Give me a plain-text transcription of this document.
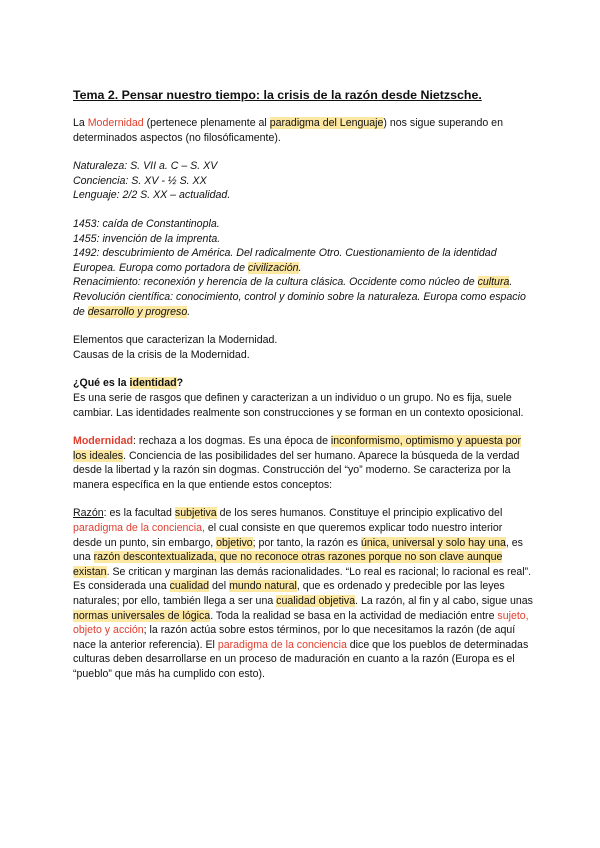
Tema 2. Pensar nuestro tiempo: la crisis de la razón desde Nietzsche.

La Modernidad (pertenece plenamente al paradigma del Lenguaje) nos sigue superando en determinados aspectos (no filosóficamente).

Naturaleza: S. VII a. C – S. XV

Conciencia: S. XV - ½ S. XX

Lenguaje: 2/2 S. XX – actualidad.

1453: caída de Constantinopla.

1455: invención de la imprenta.

1492: descubrimiento de América. Del radicalmente Otro. Cuestionamiento de la identidad Europea. Europa como portadora de civilización.

Renacimiento: reconexión y herencia de la cultura clásica. Occidente como núcleo de cultura.

Revolución científica: conocimiento, control y dominio sobre la naturaleza. Europa como espacio de desarrollo y progreso.

Elementos que caracterizan la Modernidad.

Causas de la crisis de la Modernidad.

¿Qué es la identidad?

Es una serie de rasgos que definen y caracterizan a un individuo o un grupo. No es fija, suele cambiar. Las identidades realmente son construcciones y se forman en un contexto oposicional.

Modernidad: rechaza a los dogmas. Es una época de inconformismo, optimismo y apuesta por los ideales. Conciencia de las posibilidades del ser humano. Aparece la búsqueda de la verdad desde la libertad y la razón sin dogmas. Construcción del “yo” moderno. Se caracteriza por la manera específica en la que entiende estos conceptos:

Razón: es la facultad subjetiva de los seres humanos. Constituye el principio explicativo del paradigma de la conciencia, el cual consiste en que queremos explicar todo nuestro interior desde un punto, sin embargo, objetivo; por tanto, la razón es única, universal y solo hay una, es una razón descontextualizada, que no reconoce otras razones porque no son clave aunque existan. Se critican y marginan las demás racionalidades. “Lo real es racional; lo racional es real”. Es considerada una cualidad del mundo natural, que es ordenado y predecible por las leyes naturales; por ello, también llega a ser una cualidad objetiva. La razón, al fin y al cabo, sigue unas normas universales de lógica. Toda la realidad se basa en la actividad de mediación entre sujeto, objeto y acción; la razón actúa sobre estos términos, por lo que necesitamos la razón (de aquí nace la anterior referencia). El paradigma de la conciencia dice que los pueblos de determinadas culturas deben desarrollarse en un proceso de maduración en cuanto a la razón (Europa es el “pueblo” que más ha cumplido con esto).
